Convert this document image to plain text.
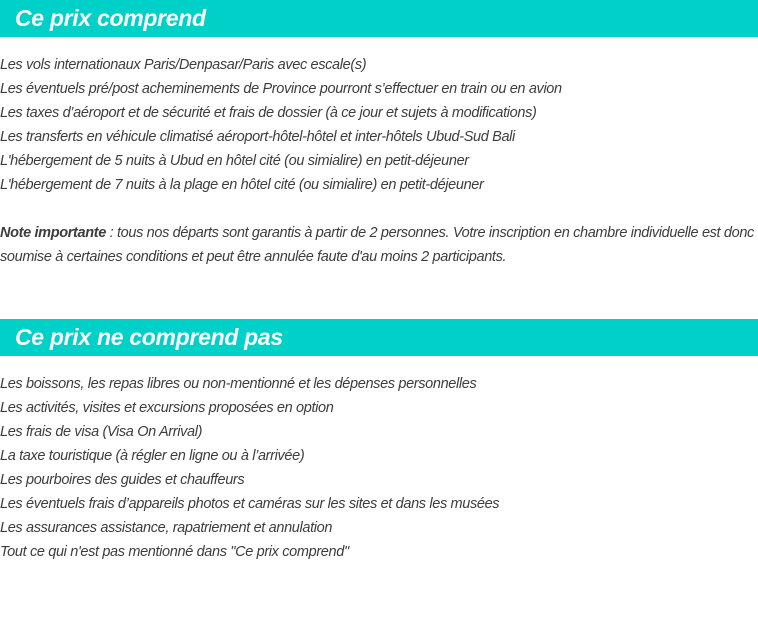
Ce prix comprend
Les vols internationaux Paris/Denpasar/Paris avec escale(s)
Les éventuels pré/post acheminements de Province pourront s’effectuer en train ou en avion
Les taxes d’aéroport et de sécurité et frais de dossier (à ce jour et sujets à modifications)
Les transferts en véhicule climatisé aéroport-hôtel-hôtel et inter-hôtels Ubud-Sud Bali
L'hébergement de 5 nuits à Ubud en hôtel cité (ou simialire) en petit-déjeuner
L'hébergement de 7 nuits à la plage en hôtel cité (ou simialire) en petit-déjeuner

Note importante : tous nos départs sont garantis à partir de 2 personnes. Votre inscription en chambre individuelle est donc soumise à certaines conditions et peut être annulée faute d'au moins 2 participants.

Ce prix ne comprend pas
Les boissons, les repas libres ou non-mentionné et les dépenses personnelles
Les activités, visites et excursions proposées en option
Les frais de visa (Visa On Arrival)
La taxe touristique (à régler en ligne ou à l’arrivée)
Les pourboires des guides et chauffeurs
Les éventuels frais d’appareils photos et caméras sur les sites et dans les musées
Les assurances assistance, rapatriement et annulation
Tout ce qui n'est pas mentionné dans "Ce prix comprend"
